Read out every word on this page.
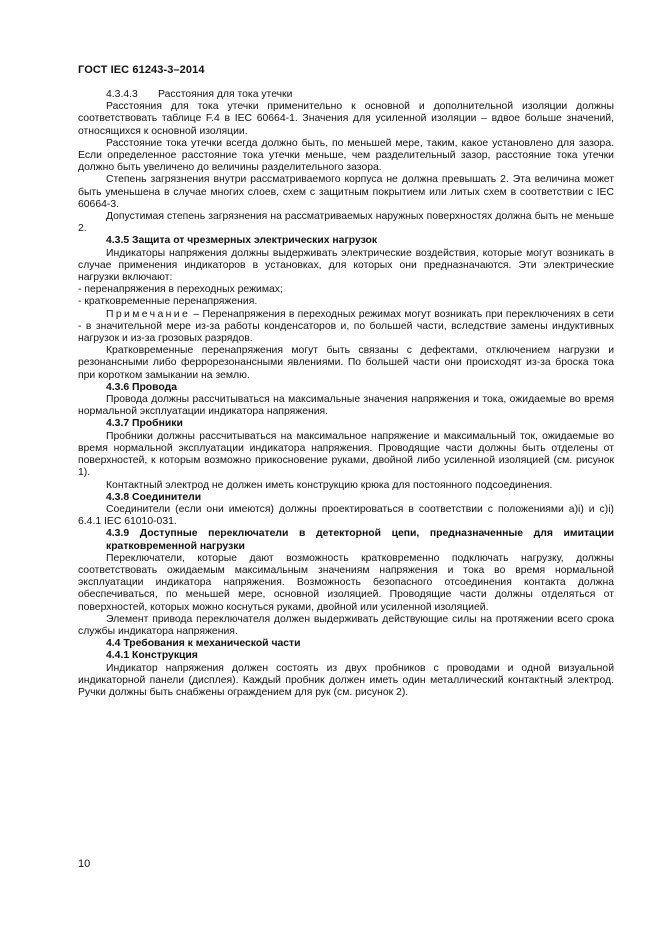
ГОСТ IEC 61243-3–2014

4.3.4.3 Расстояния для тока утечки

Расстояния для тока утечки применительно к основной и дополнительной изоляции должны соответствовать таблице F.4 в IEC 60664-1. Значения для усиленной изоляции – вдвое больше значений, относящихся к основной изоляции.

Расстояние тока утечки всегда должно быть, по меньшей мере, таким, какое установлено для зазора. Если определенное расстояние тока утечки меньше, чем разделительный зазор, расстояние тока утечки должно быть увеличено до величины разделительного зазора.

Степень загрязнения внутри рассматриваемого корпуса не должна превышать 2. Эта величина может быть уменьшена в случае многих слоев, схем с защитным покрытием или литых схем в соответствии с IEC 60664-3.

Допустимая степень загрязнения на рассматриваемых наружных поверхностях должна быть не меньше 2.

4.3.5 Защита от чрезмерных электрических нагрузок

Индикаторы напряжения должны выдерживать электрические воздействия, которые могут возникать в случае применения индикаторов в установках, для которых они предназначаются. Эти электрические нагрузки включают:

- перенапряжения в переходных режимах;

- кратковременные перенапряжения.

Примечание – Перенапряжения в переходных режимах могут возникать при переключениях в сети - в значительной мере из-за работы конденсаторов и, по большей части, вследствие замены индуктивных нагрузок и из-за грозовых разрядов.

Кратковременные перенапряжения могут быть связаны с дефектами, отключением нагрузки и резонансными либо феррорезонансными явлениями. По большей части они происходят из-за броска тока при коротком замыкании на землю.

4.3.6 Провода

Провода должны рассчитываться на максимальные значения напряжения и тока, ожидаемые во время нормальной эксплуатации индикатора напряжения.

4.3.7 Пробники

Пробники должны рассчитываться на максимальное напряжение и максимальный ток, ожидаемые во время нормальной эксплуатации индикатора напряжения. Проводящие части должны быть отделены от поверхностей, к которым возможно прикосновение руками, двойной либо усиленной изоляцией (см. рисунок 1).

Контактный электрод не должен иметь конструкцию крюка для постоянного подсоединения.

4.3.8 Соединители

Соединители (если они имеются) должны проектироваться в соответствии с положениями a)i) и c)i) 6.4.1 IEC 61010-031.

4.3.9 Доступные переключатели в детекторной цепи, предназначенные для имитации кратковременной нагрузки

Переключатели, которые дают возможность кратковременно подключать нагрузку, должны соответствовать ожидаемым максимальным значениям напряжения и тока во время нормальной эксплуатации индикатора напряжения. Возможность безопасного отсоединения контакта должна обеспечиваться, по меньшей мере, основной изоляцией. Проводящие части должны отделяться от поверхностей, которых можно коснуться руками, двойной или усиленной изоляцией.

Элемент привода переключателя должен выдерживать действующие силы на протяжении всего срока службы индикатора напряжения.

4.4 Требования к механической части

4.4.1 Конструкция

Индикатор напряжения должен состоять из двух пробников с проводами и одной визуальной индикаторной панели (дисплея). Каждый пробник должен иметь один металлический контактный электрод. Ручки должны быть снабжены ограждением для рук (см. рисунок 2).

10
